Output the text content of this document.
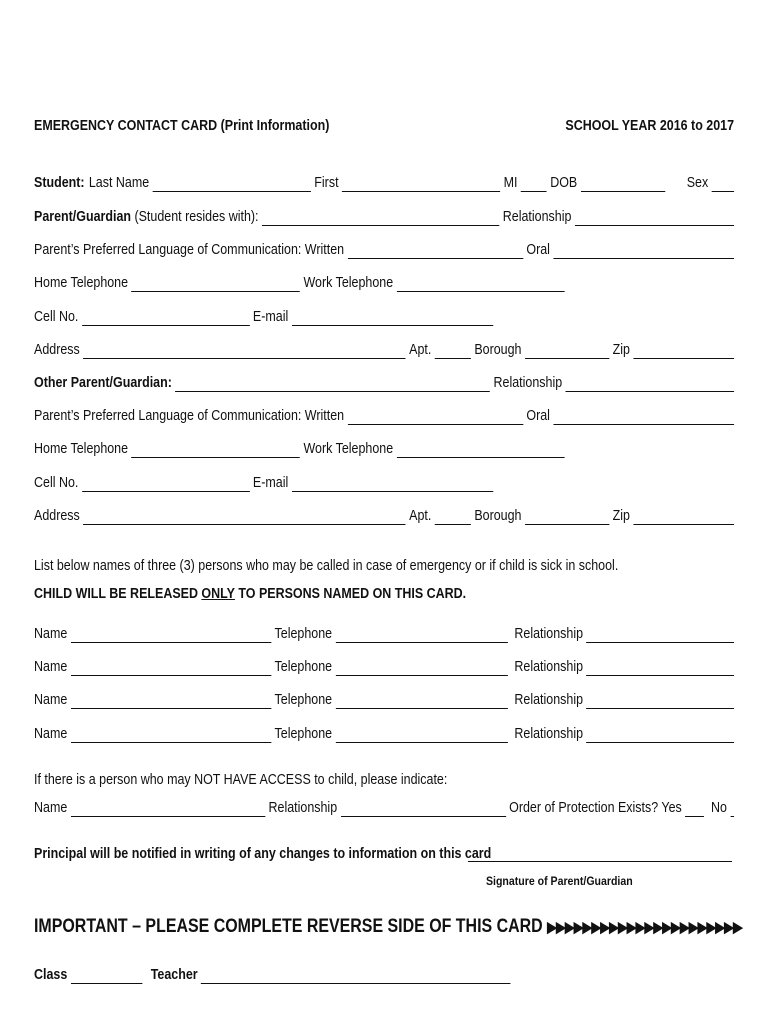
EMERGENCY CONTACT CARD (Print Information)	SCHOOL YEAR 2016 to 2017
Student: Last Name	First	MI DOB	Sex
Parent/Guardian (Student resides with):	Relationship
Parent’s Preferred Language of Communication: Written	Oral
Home Telephone	Work Telephone
Cell No.	E-mail
Address	Apt.	Borough	Zip
Other Parent/Guardian:	Relationship
Parent’s Preferred Language of Communication: Written	Oral
Home Telephone	Work Telephone
Cell No.	E-mail
Address	Apt.	Borough	Zip
List below names of three (3) persons who may be called in case of emergency or if child is sick in school.
CHILD WILL BE RELEASED ONLY TO PERSONS NAMED ON THIS CARD.
Name	Telephone	Relationship
Name	Telephone	Relationship
Name	Telephone	Relationship
Name	Telephone	Relationship
If there is a person who may NOT HAVE ACCESS to child, please indicate:
Name	Relationship	Order of Protection Exists? Yes No
Principal will be notified in writing of any changes to information on this card
Signature of Parent/Guardian
IMPORTANT – PLEASE COMPLETE REVERSE SIDE OF THIS CARD ▶▶▶▶▶▶▶▶▶▶▶▶▶▶▶▶▶▶▶▶▶▶
Class	Teacher
